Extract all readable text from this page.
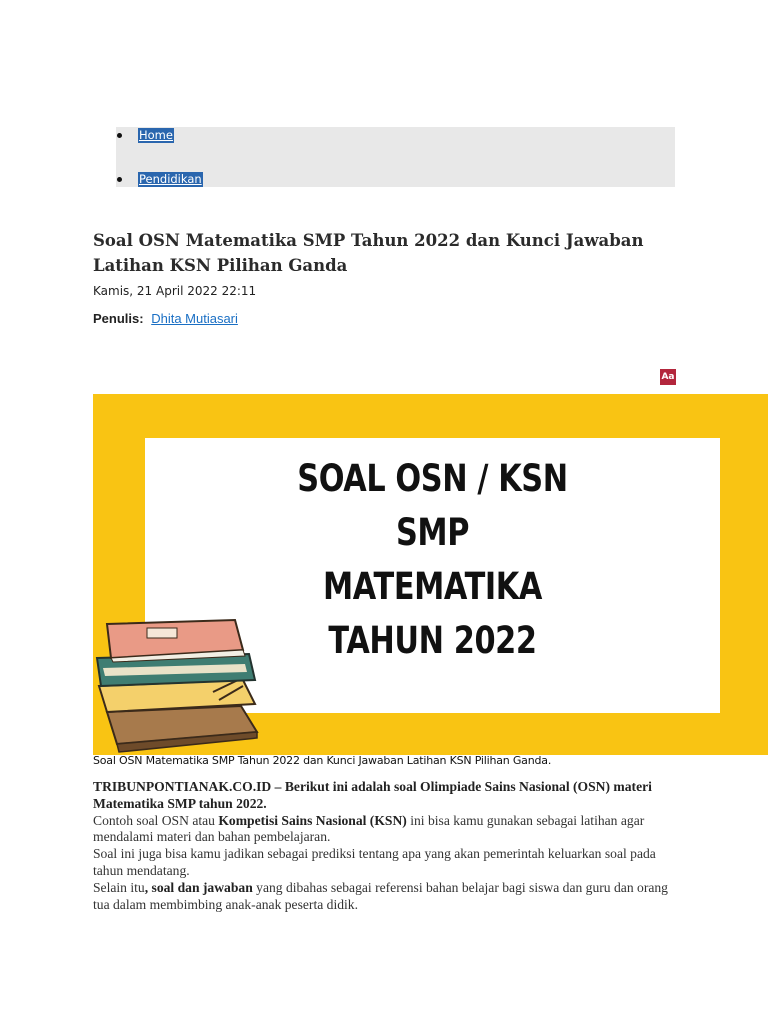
Home
Pendidikan
Soal OSN Matematika SMP Tahun 2022 dan Kunci Jawaban
Latihan KSN Pilihan Ganda
Kamis, 21 April 2022 22:11
Penulis: Dhita Mutiasari
Aa
SOAL OSN / KSN
SMP
MATEMATIKA
TAHUN 2022
Soal OSN Matematika SMP Tahun 2022 dan Kunci Jawaban Latihan KSN Pilihan Ganda.

TRIBUNPONTIANAK.CO.ID – Berikut ini adalah soal Olimpiade Sains Nasional (OSN) materi Matematika SMP tahun 2022.

Contoh soal OSN atau Kompetisi Sains Nasional (KSN) ini bisa kamu gunakan sebagai latihan agar mendalami materi dan bahan pembelajaran.

Soal ini juga bisa kamu jadikan sebagai prediksi tentang apa yang akan pemerintah keluarkan soal pada tahun mendatang.

Selain itu, soal dan jawaban yang dibahas sebagai referensi bahan belajar bagi siswa dan guru dan orang tua dalam membimbing anak-anak peserta didik.
